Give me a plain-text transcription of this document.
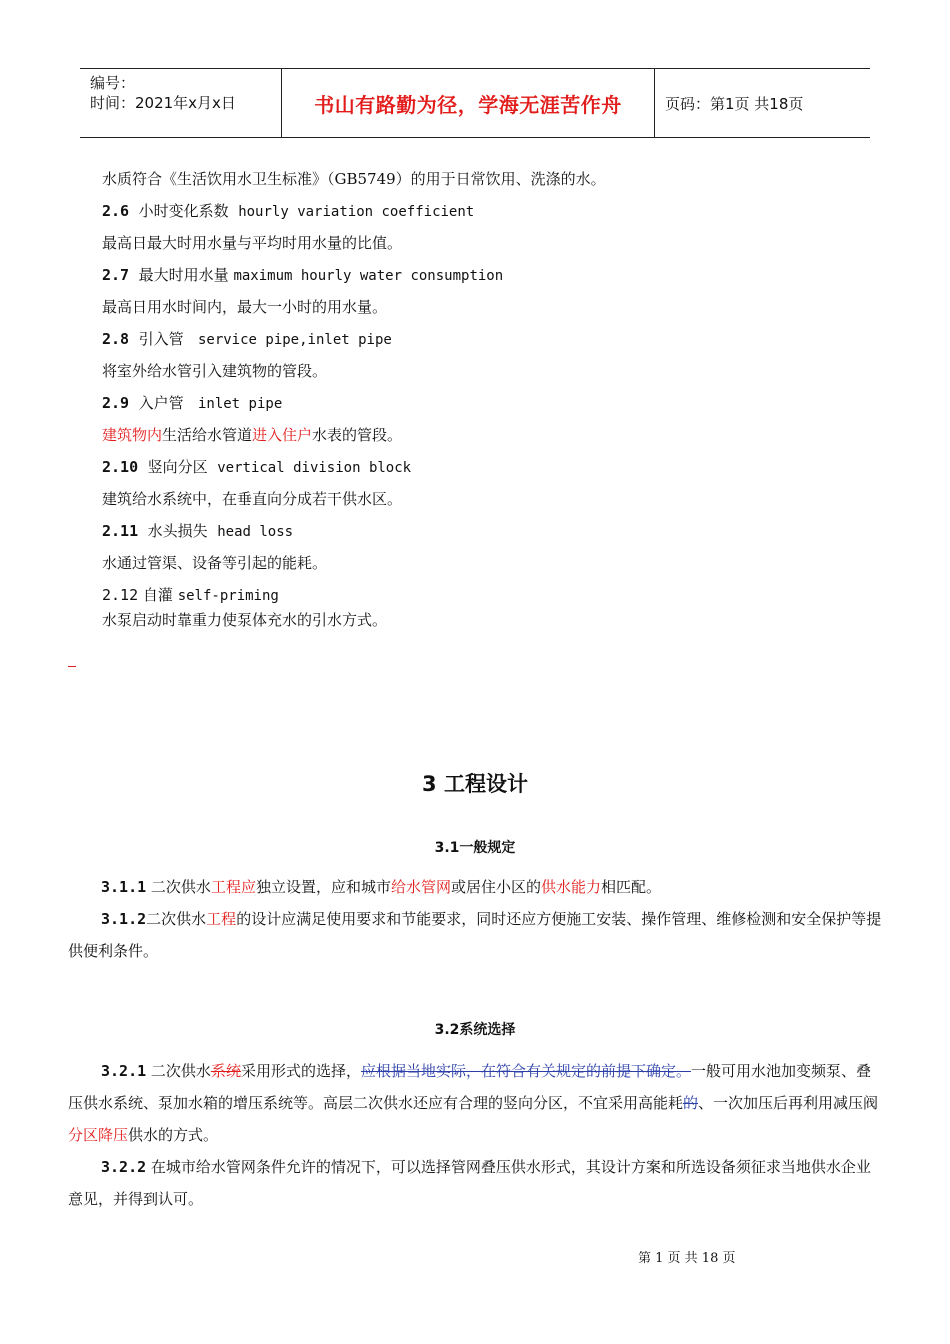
编号：
时间：2021年x月x日	书山有路勤为径，学海无涯苦作舟	页码：第1页 共18页
水质符合《生活饮用水卫生标准》（GB5749）的用于日常饮用、洗涤的水。
2.6 小时变化系数 hourly variation coefficient
最高日最大时用水量与平均时用水量的比值。
2.7 最大时用水量 maximum hourly water consumption
最高日用水时间内，最大一小时的用水量。
2.8 引入管 service pipe,inlet pipe
将室外给水管引入建筑物的管段。
2.9 入户管 inlet pipe
建筑物内生活给水管道进入住户水表的管段。
2.10 竖向分区 vertical division block
建筑给水系统中，在垂直向分成若干供水区。
2.11 水头损失 head loss
水通过管渠、设备等引起的能耗。
2.12 自灌 self-priming
水泵启动时靠重力使泵体充水的引水方式。
3 工程设计
3.1一般规定
3.1.1 二次供水工程应独立设置，应和城市给水管网或居住小区的供水能力相匹配。
3.1.2二次供水工程的设计应满足使用要求和节能要求，同时还应方便施工安装、操作管理、维修检测和安全保护等提供便利条件。
3.2系统选择
3.2.1 二次供水系统采用形式的选择，应根据当地实际，在符合有关规定的前提下确定。一般可用水池加变频泵、叠压供水系统、泵加水箱的增压系统等。高层二次供水还应有合理的竖向分区，不宜采用高能耗的、一次加压后再利用减压阀分区降压供水的方式。
3.2.2 在城市给水管网条件允许的情况下，可以选择管网叠压供水形式，其设计方案和所选设备须征求当地供水企业意见，并得到认可。
第 1 页 共 18 页
